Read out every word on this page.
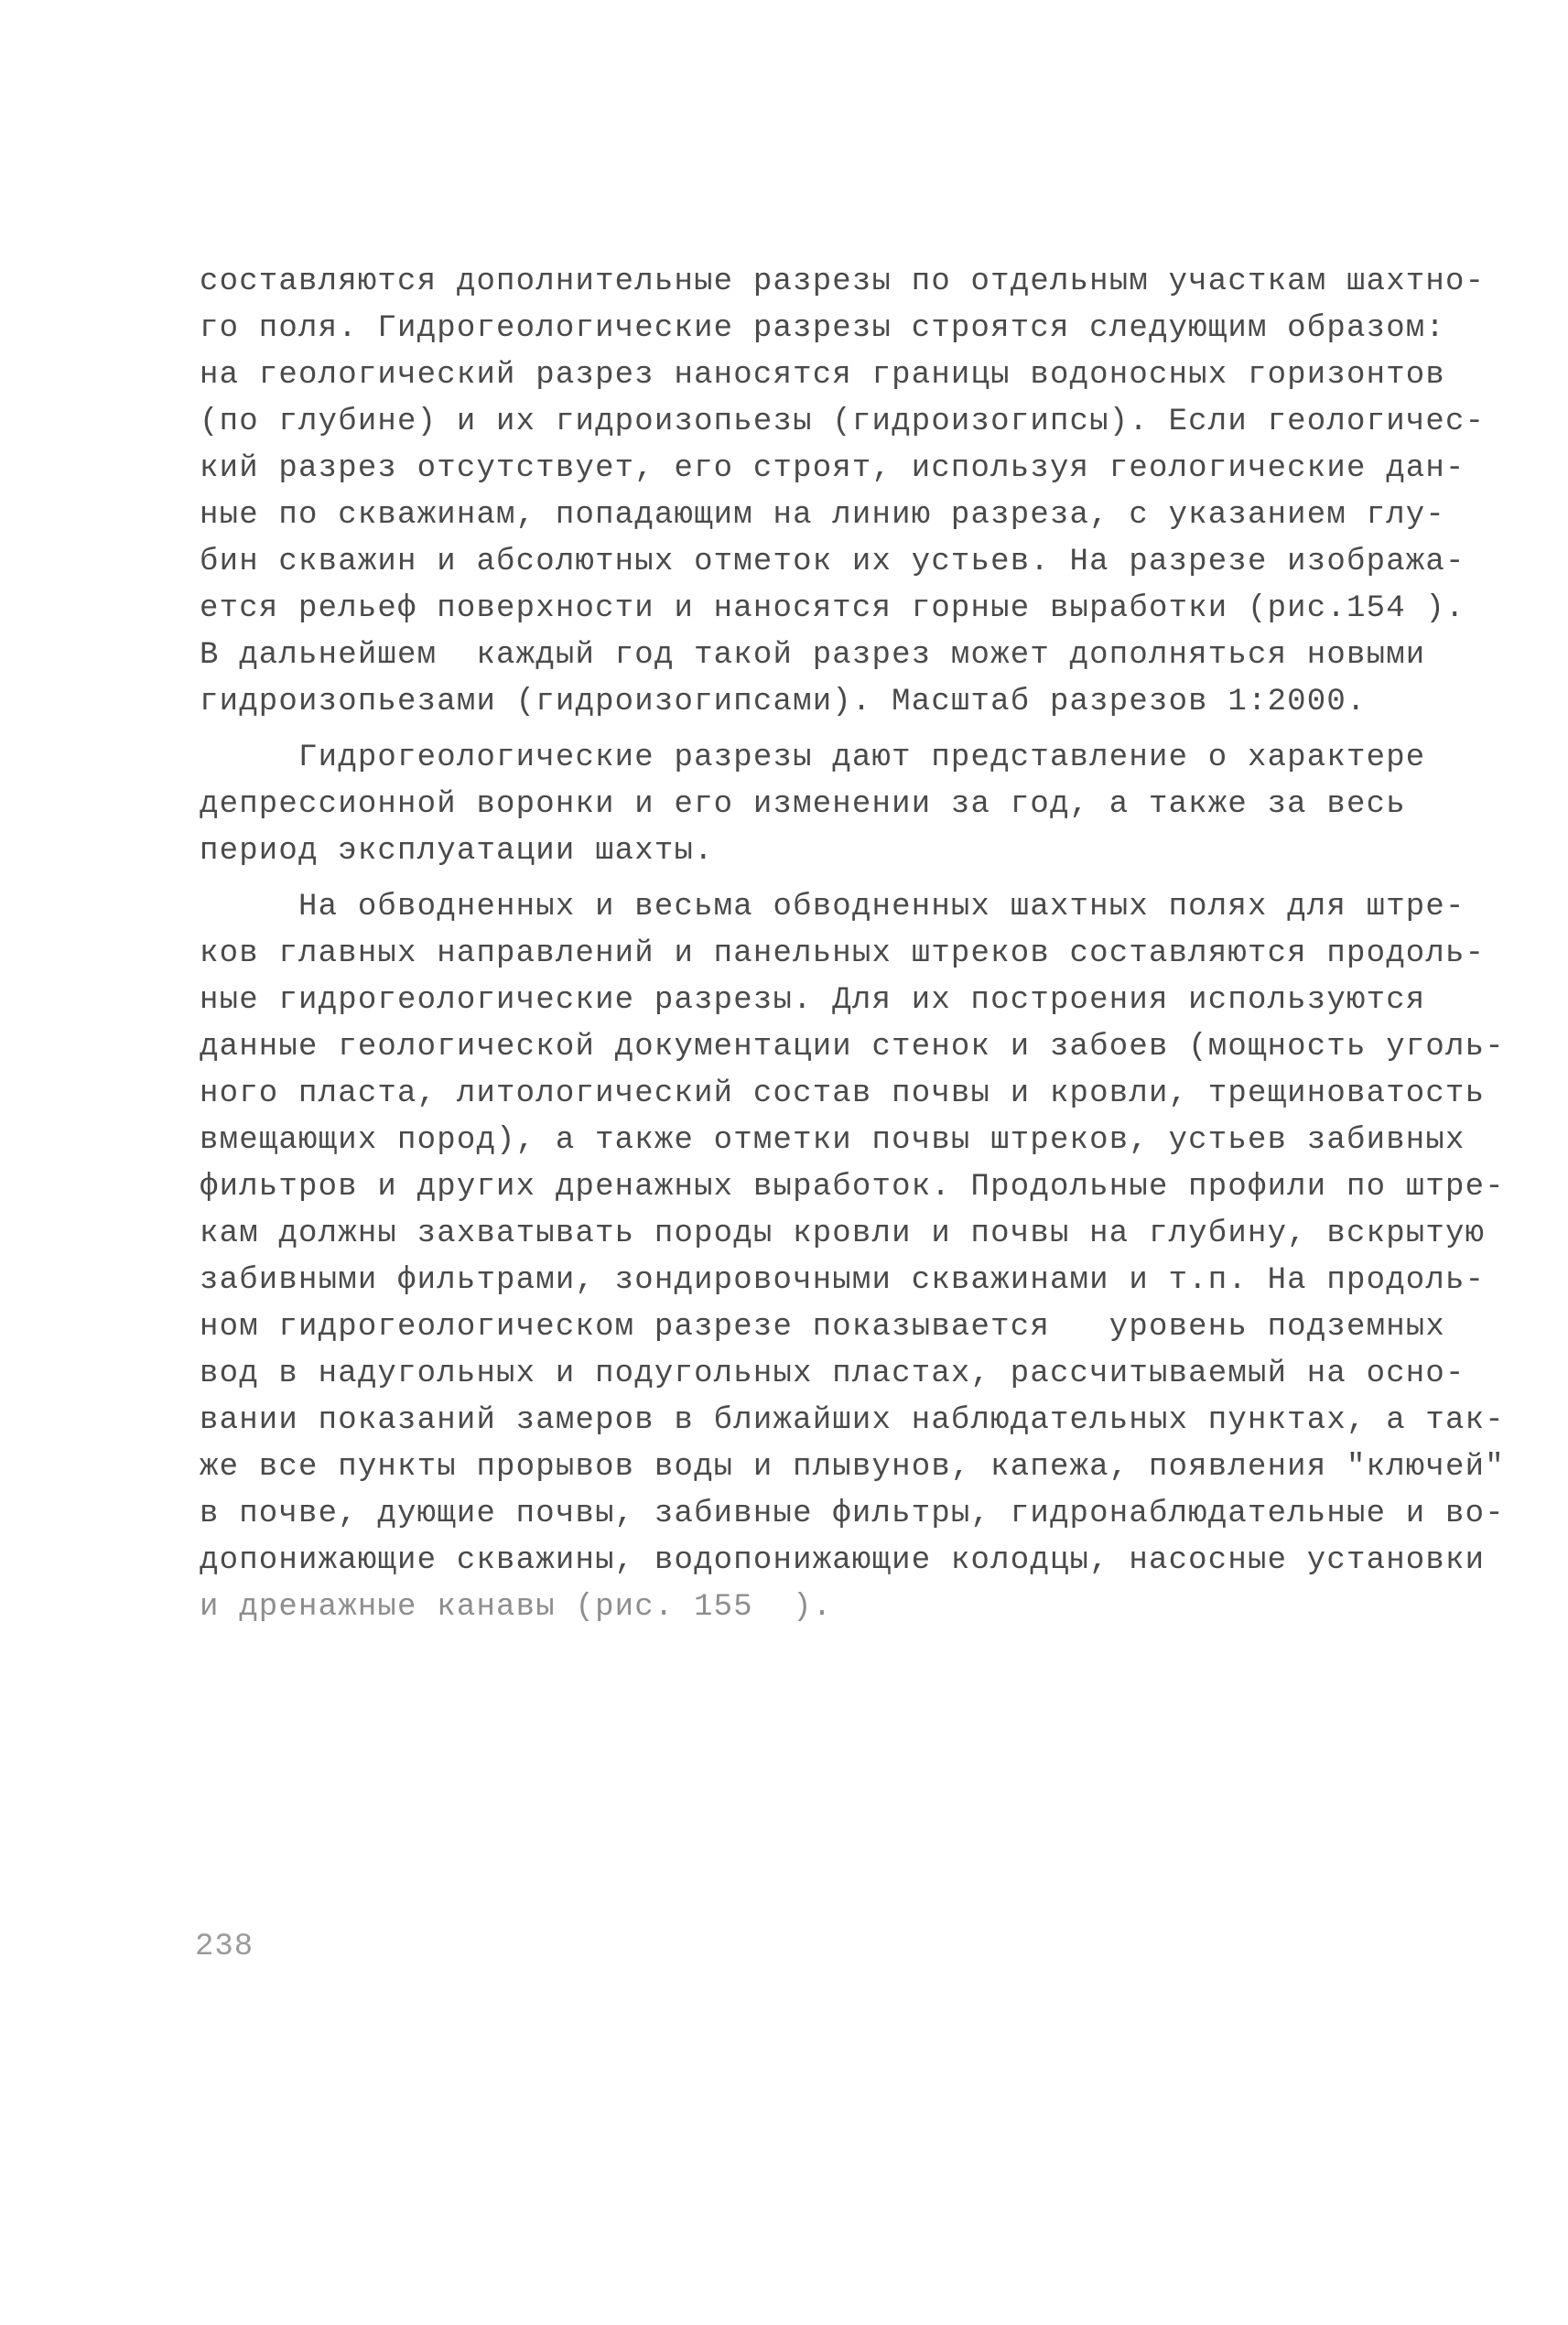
составляются дополнительные разрезы по отдельным участкам шахтно-
го поля. Гидрогеологические разрезы строятся следующим образом:
на геологический разрез наносятся границы водоносных горизонтов
(по глубине) и их гидроизопьезы (гидроизогипсы). Если геологичес-
кий разрез отсутствует, его строят, используя геологические дан-
ные по скважинам, попадающим на линию разреза, с указанием глу-
бин скважин и абсолютных отметок их устьев. На разрезе изобража-
ется рельеф поверхности и наносятся горные выработки (рис.154 ).
В дальнейшем  каждый год такой разрез может дополняться новыми
гидроизопьезами (гидроизогипсами). Масштаб разрезов 1:2000.
Гидрогеологические разрезы дают представление о характере
депрессионной воронки и его изменении за год, а также за весь
период эксплуатации шахты.
На обводненных и весьма обводненных шахтных полях для штре-
ков главных направлений и панельных штреков составляются продоль-
ные гидрогеологические разрезы. Для их построения используются
данные геологической документации стенок и забоев (мощность уголь-
ного пласта, литологический состав почвы и кровли, трещиноватость
вмещающих пород), а также отметки почвы штреков, устьев забивных
фильтров и других дренажных выработок. Продольные профили по штре-
кам должны захватывать породы кровли и почвы на глубину, вскрытую
забивными фильтрами, зондировочными скважинами и т.п. На продоль-
ном гидрогеологическом разрезе показывается   уровень подземных
вод в надугольных и подугольных пластах, рассчитываемый на осно-
вании показаний замеров в ближайших наблюдательных пунктах, а так-
же все пункты прорывов воды и плывунов, капежа, появления "ключей"
в почве, дующие почвы, забивные фильтры, гидронаблюдательные и во-
допонижающие скважины, водопонижающие колодцы, насосные установки
и дренажные канавы (рис. 155  ).
238
